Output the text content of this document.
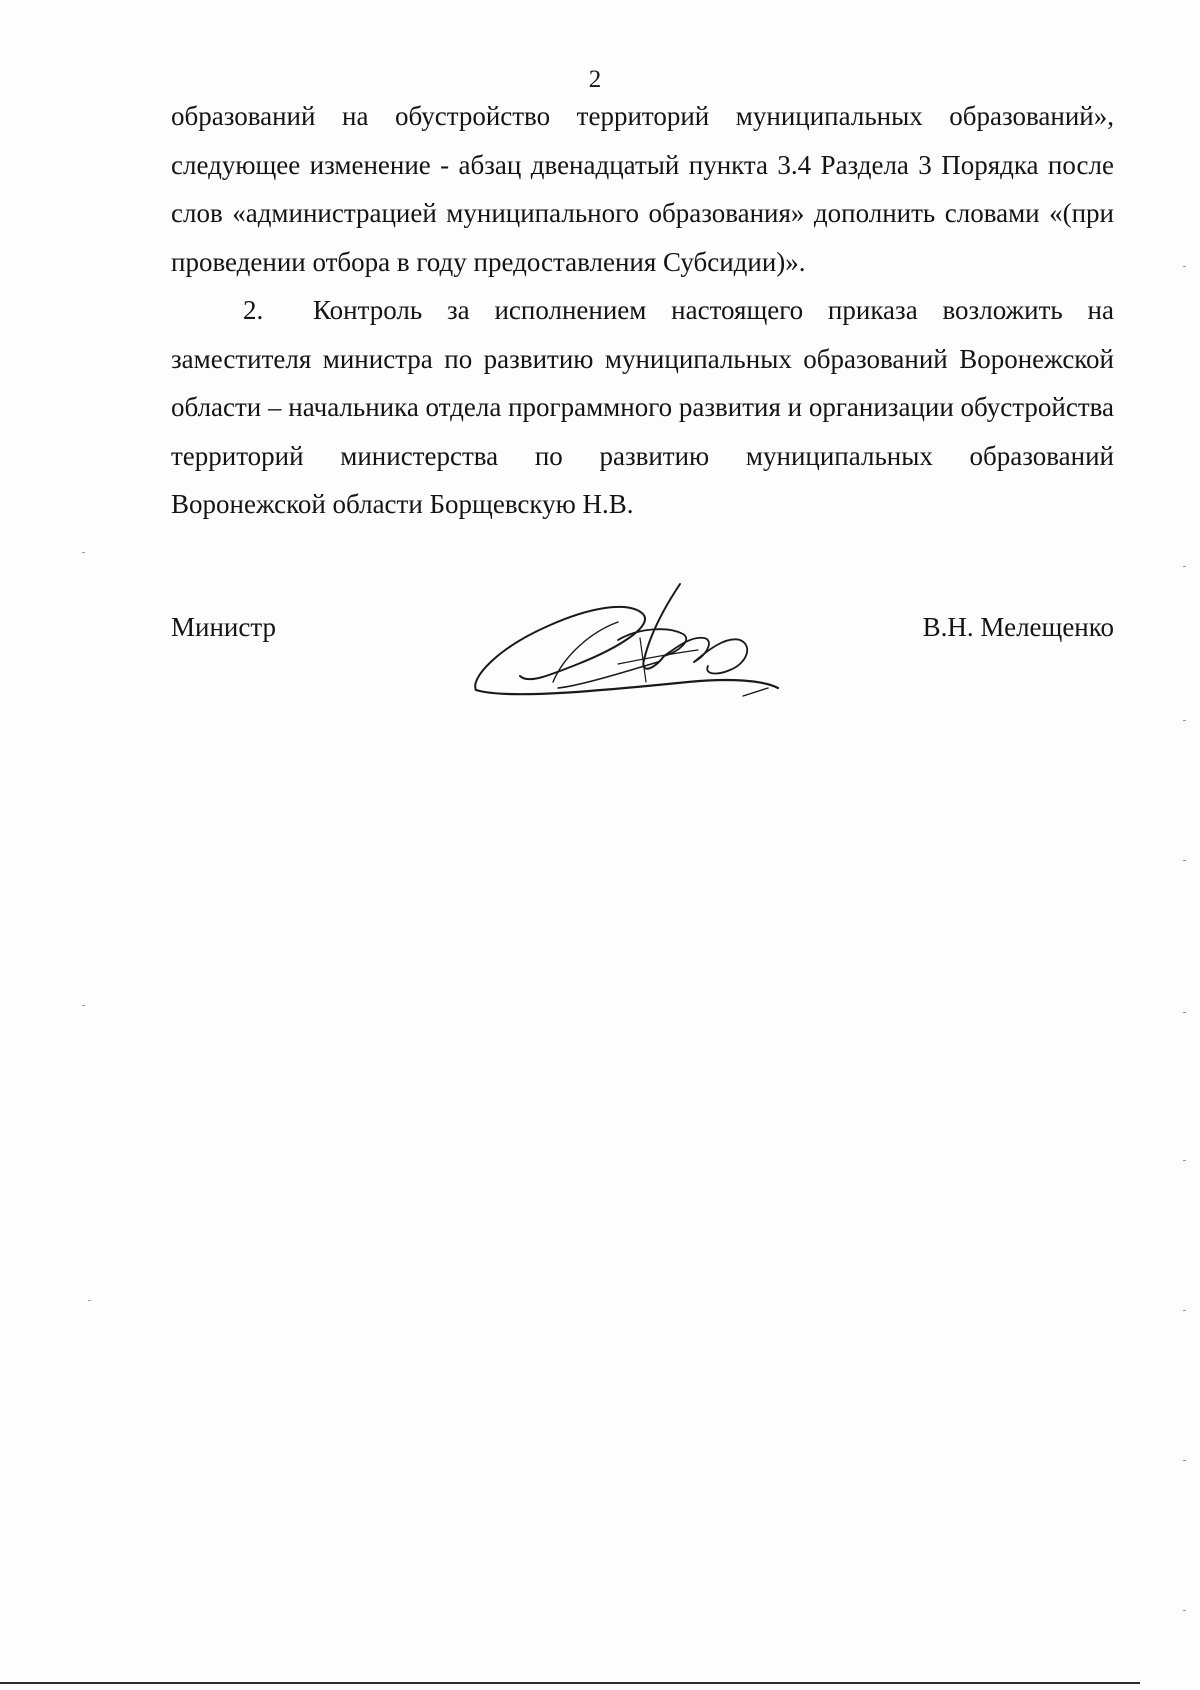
2

образований на обустройство территорий муниципальных образований», следующее изменение - абзац двенадцатый пункта 3.4 Раздела 3 Порядка после слов «администрацией муниципального образования» дополнить словами «(при проведении отбора в году предоставления Субсидии)».

2. Контроль за исполнением настоящего приказа возложить на заместителя министра по развитию муниципальных образований Воронежской области – начальника отдела программного развития и организации обустройства территорий министерства по развитию муниципальных образований Воронежской области Борщевскую Н.В.

Министр	В.Н. Мелещенко
